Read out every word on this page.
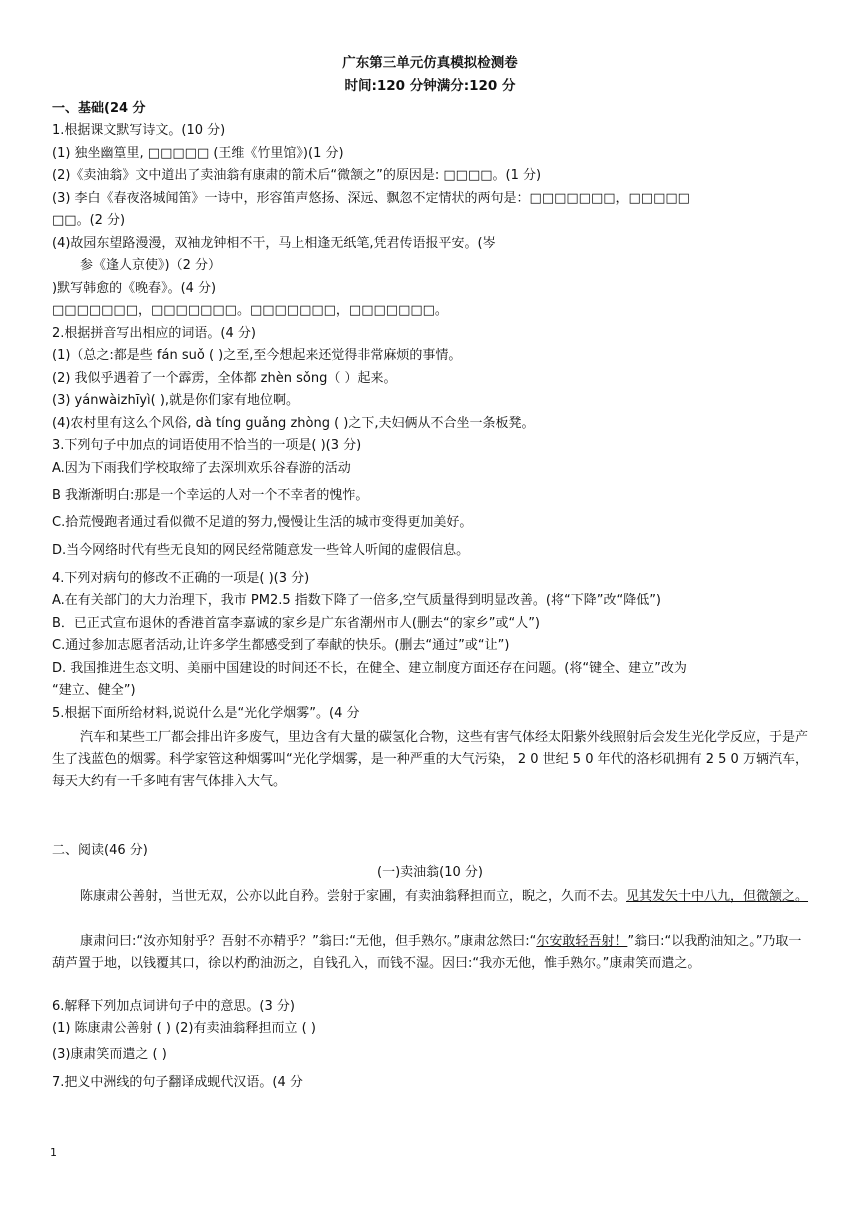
广东第三单元仿真模拟检测卷
时间:120 分钟满分:120 分
一、基础(24 分
1.根据课文默写诗文。(10 分)
(1) 独坐幽篁里, □□□□□ (王维《竹里馆》)(1 分)
(2)《卖油翁》文中道出了卖油翁有康肃的箭术后“微颔之”的原因是: □□□□。(1 分)
(3) 李白《春夜洛城闻笛》一诗中，形容笛声悠扬、深远、飘忽不定情状的两句是：□□□□□□□，□□□□□
□□。(2 分)
(4)故园东望路漫漫，双袖龙钟相不干，马上相逢无纸笔,凭君传语报平安。(岑
参《逢人京使》)（2 分）
)默写韩愈的《晚春》。(4 分)
□□□□□□□，□□□□□□□。□□□□□□□，□□□□□□□。
2.根据拼音写出相应的词语。(4 分)
(1)（总之:都是些 fán suǒ ( )之至,至今想起来还觉得非常麻烦的事情。
(2) 我似乎遇着了一个霹雳，全体都 zhèn sǒng（ ）起来。
(3) yánwàizhīyì( ),就是你们家有地位啊。
(4)农村里有这么个风俗, dà tíng guǎng zhòng ( )之下,夫妇俩从不合坐一条板凳。
3.下列句子中加点的词语使用不恰当的一项是( )(3 分)
A.因为下雨我们学校取缔了去深圳欢乐谷春游的活动
B 我渐渐明白:那是一个幸运的人对一个不幸者的愧怍。
C.拾荒慢跑者通过看似微不足道的努力,慢慢让生活的城市变得更加美好。
D.当今网络时代有些无良知的网民经常随意发一些耸人听闻的虚假信息。
4.下列对病句的修改不正确的一项是( )(3 分)
A.在有关部门的大力治理下，我市 PM2.5 指数下降了一倍多,空气质量得到明显改善。(将“下降”改“降低”)
B．已正式宣布退休的香港首富李嘉诚的家乡是广东省潮州市人(删去“的家乡”或“人”)
C.通过参加志愿者活动,让许多学生都感受到了奉献的快乐。(删去“通过”或“让”)
D. 我国推进生态文明、美丽中国建设的时间还不长，在健全、建立制度方面还存在问题。(将“键全、建立”改为
“建立、健全”)
5.根据下面所给材料,说说什么是“光化学烟雾”。(4 分
汽车和某些工厂都会排出许多废气，里边含有大量的碳氢化合物，这些有害气体经太阳紫外线照射后会发生光化学反应，于是产生了浅蓝色的烟雾。科学家管这种烟雾叫“光化学烟雾，是一种严重的大气污染， 2 0 世纪 5 0 年代的洛杉矶拥有 2 5 0 万辆汽车，每天大约有一千多吨有害气体排入大气。
二、阅读(46 分)
(一)卖油翁(10 分)
陈康肃公善射，当世无双，公亦以此自矜。尝射于家圃，有卖油翁释担而立，睨之，久而不去。见其发矢十中八九，但微颔之。
康肃问曰:“汝亦知射乎？吾射不亦精乎？”翁曰:“无他，但手熟尔。”康肃忿然曰:“尔安敢轻吾射！”翁曰:“以我酌油知之。”乃取一葫芦置于地，以钱覆其口，徐以杓酌油沥之，自钱孔入，而钱不湿。因曰:“我亦无他，惟手熟尔。”康肃笑而遣之。
6.解释下列加点词讲句子中的意思。(3 分)
(1) 陈康肃公善射 ( ) (2)有卖油翁释担而立 ( )
(3)康肃笑而遣之 ( )
7.把义中洲线的句子翻译成蚬代汉语。(4 分
1
